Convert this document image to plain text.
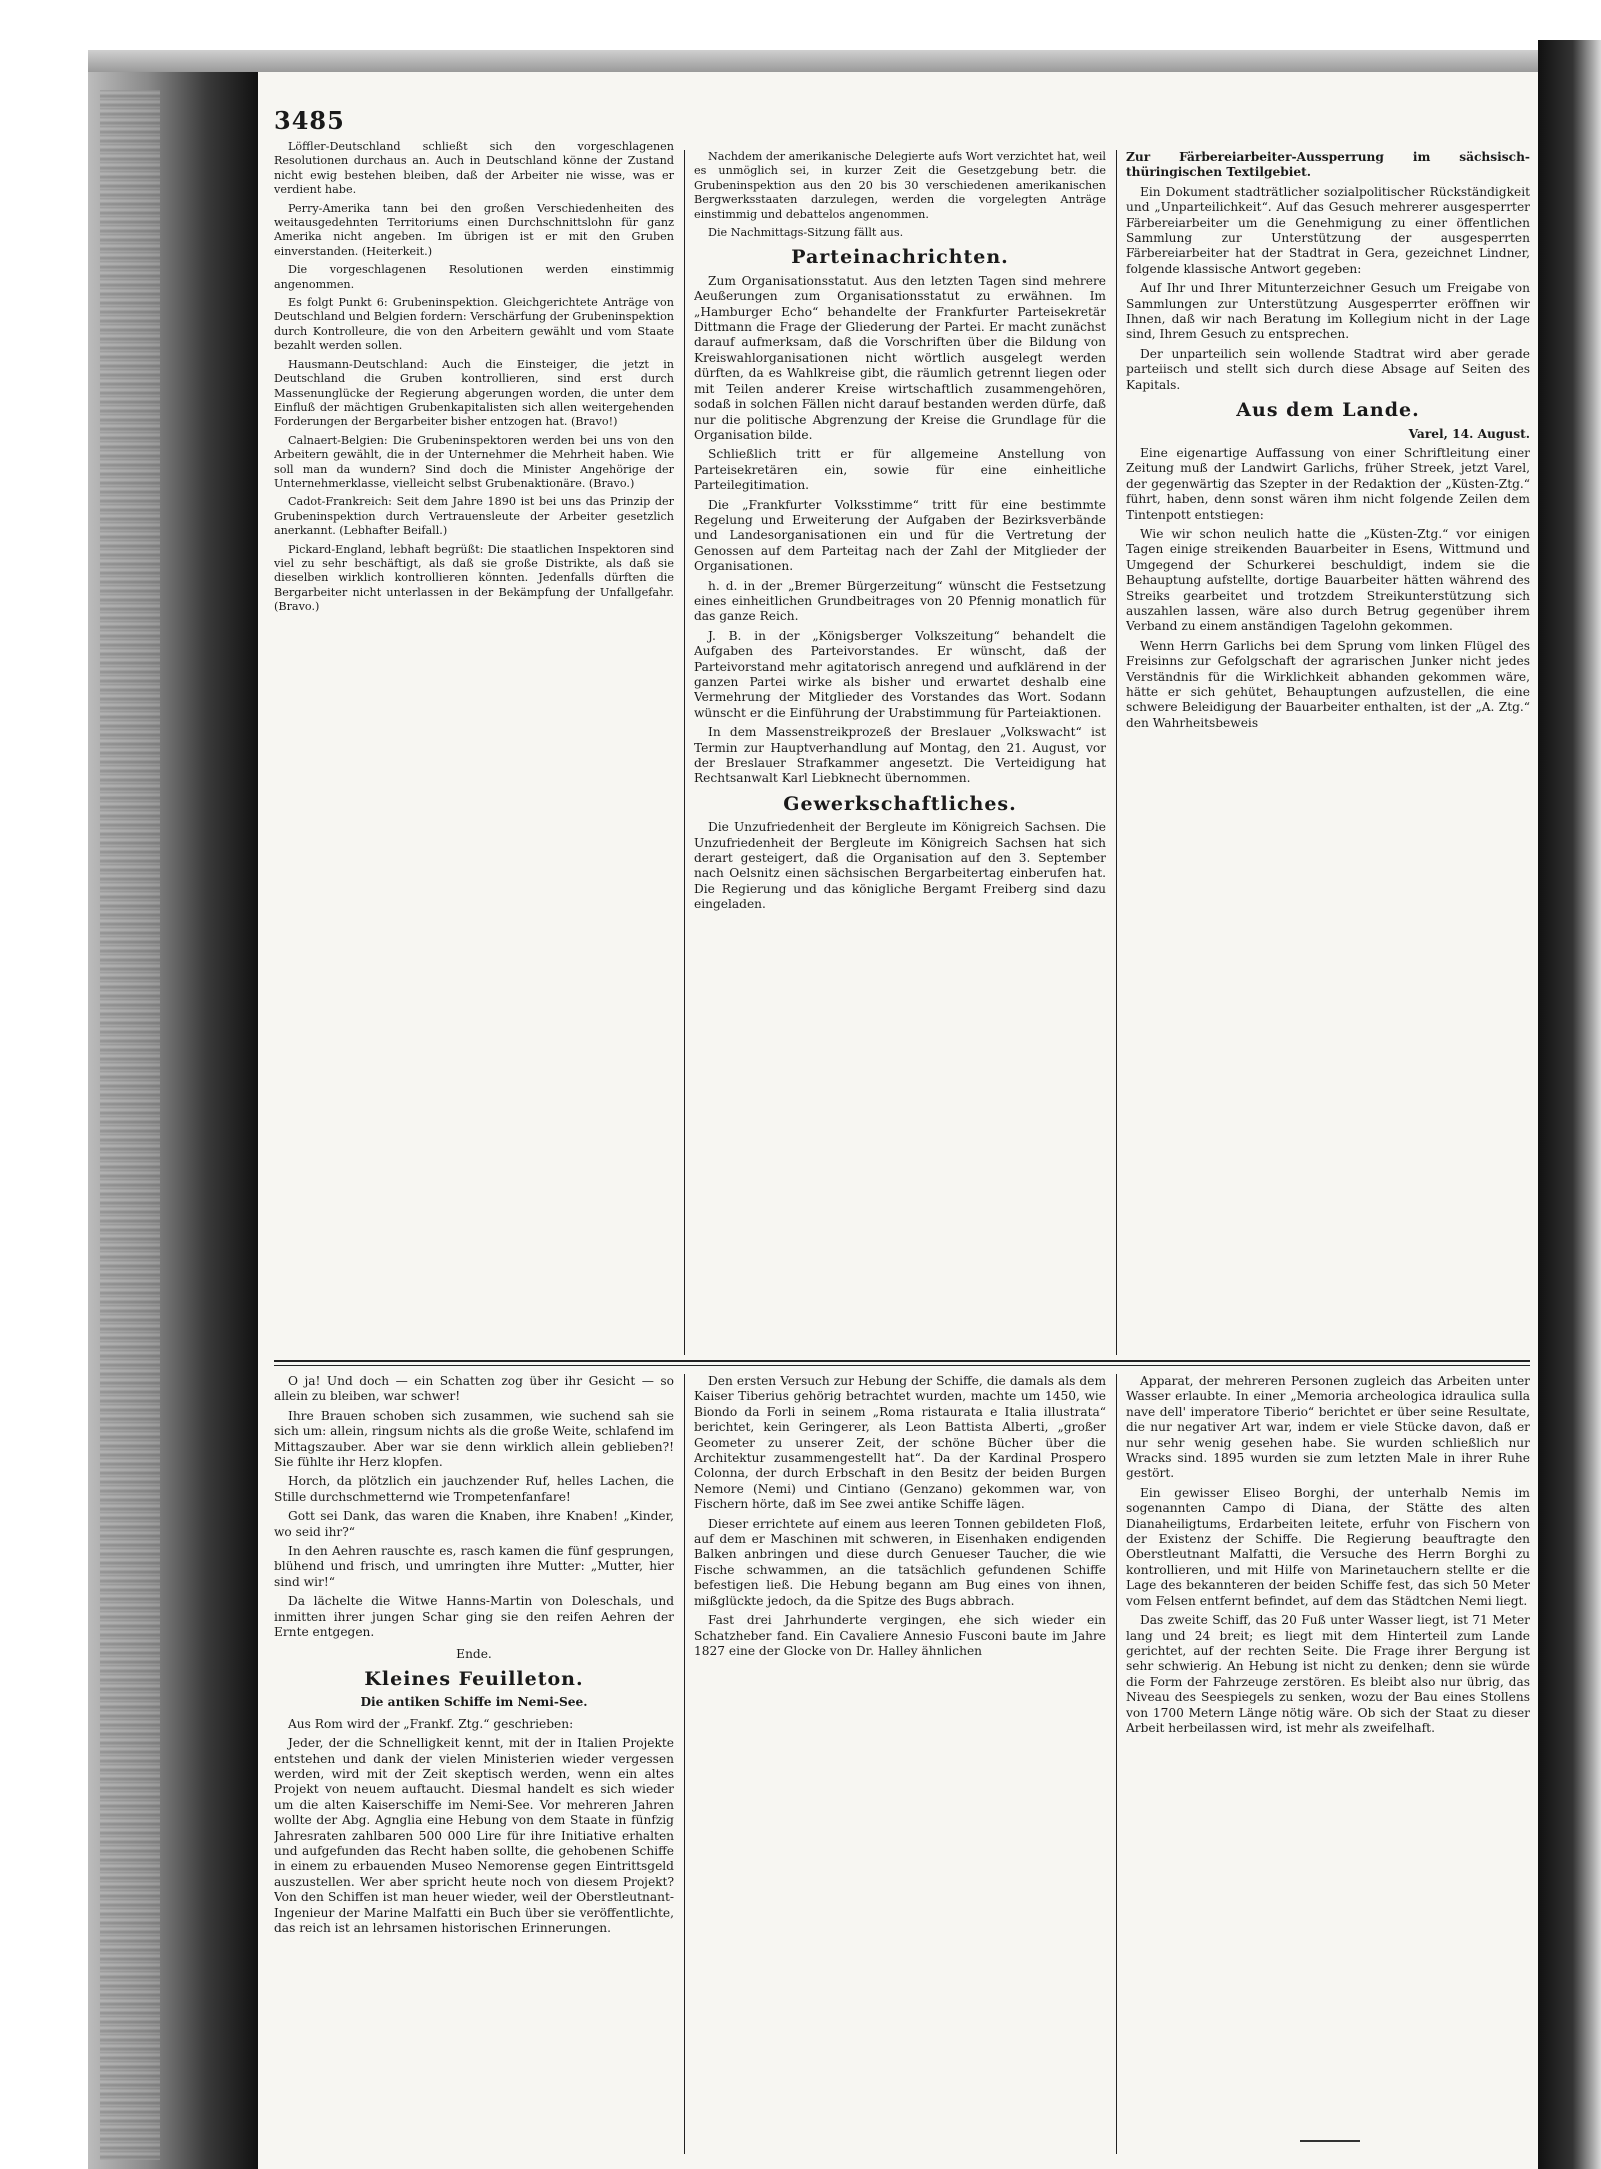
3485

Löffler-Deutschland schließt sich den vorgeschlagenen Resolutionen durchaus an. Auch in Deutschland könne der Zustand nicht ewig bestehen bleiben, daß der Arbeiter nie wisse, was er verdient habe.

Perry-Amerika tann bei den großen Verschiedenheiten des weitausgedehnten Territoriums einen Durchschnittslohn für ganz Amerika nicht angeben. Im übrigen ist er mit den Gruben einverstanden. (Heiterkeit.)

Die vorgeschlagenen Resolutionen werden einstimmig angenommen.

Es folgt Punkt 6: Grubeninspektion. Gleichgerichtete Anträge von Deutschland und Belgien fordern: Verschärfung der Grubeninspektion durch Kontrolleure, die von den Arbeitern gewählt und vom Staate bezahlt werden sollen.

Hausmann-Deutschland: Auch die Einsteiger, die jetzt in Deutschland die Gruben kontrollieren, sind erst durch Massenunglücke der Regierung abgerungen worden, die unter dem Einfluß der mächtigen Grubenkapitalisten sich allen weitergehenden Forderungen der Bergarbeiter bisher entzogen hat. (Bravo!)

Calnaert-Belgien: Die Grubeninspektoren werden bei uns von den Arbeitern gewählt, die in der Unternehmer die Mehrheit haben. Wie soll man da wundern? Sind doch die Minister Angehörige der Unternehmerklasse, vielleicht selbst Grubenaktionäre. (Bravo.)

Cadot-Frankreich: Seit dem Jahre 1890 ist bei uns das Prinzip der Grubeninspektion durch Vertrauensleute der Arbeiter gesetzlich anerkannt. (Lebhafter Beifall.)

Pickard-England, lebhaft begrüßt: Die staatlichen Inspektoren sind viel zu sehr beschäftigt, als daß sie große Distrikte, als daß sie dieselben wirklich kontrollieren könnten. Jedenfalls dürften die Bergarbeiter nicht unterlassen in der Bekämpfung der Unfallgefahr. (Bravo.)

Nachdem der amerikanische Delegierte aufs Wort verzichtet hat, weil es unmöglich sei, in kurzer Zeit die Gesetzgebung betr. die Grubeninspektion aus den 20 bis 30 verschiedenen amerikanischen Bergwerksstaaten darzulegen, werden die vorgelegten Anträge einstimmig und debattelos angenommen.

Die Nachmittags-Sitzung fällt aus.

Parteinachrichten.

Zum Organisationsstatut. Aus den letzten Tagen sind mehrere Aeußerungen zum Organisationsstatut zu erwähnen. Im „Hamburger Echo“ behandelte der Frankfurter Parteisekretär Dittmann die Frage der Gliederung der Partei. Er macht zunächst darauf aufmerksam, daß die Vorschriften über die Bildung von Kreiswahlorganisationen nicht wörtlich ausgelegt werden dürften, da es Wahlkreise gibt, die räumlich getrennt liegen oder mit Teilen anderer Kreise wirtschaftlich zusammengehören, sodaß in solchen Fällen nicht darauf bestanden werden dürfe, daß nur die politische Abgrenzung der Kreise die Grundlage für die Organisation bilde.

Schließlich tritt er für allgemeine Anstellung von Parteisekretären ein, sowie für eine einheitliche Parteilegitimation.

Die „Frankfurter Volksstimme“ tritt für eine bestimmte Regelung und Erweiterung der Aufgaben der Bezirksverbände und Landesorganisationen ein und für die Vertretung der Genossen auf dem Parteitag nach der Zahl der Mitglieder der Organisationen.

h. d. in der „Bremer Bürgerzeitung“ wünscht die Festsetzung eines einheitlichen Grundbeitrages von 20 Pfennig monatlich für das ganze Reich.

J. B. in der „Königsberger Volkszeitung“ behandelt die Aufgaben des Parteivorstandes. Er wünscht, daß der Parteivorstand mehr agitatorisch anregend und aufklärend in der ganzen Partei wirke als bisher und erwartet deshalb eine Vermehrung der Mitglieder des Vorstandes das Wort. Sodann wünscht er die Einführung der Urabstimmung für Parteiaktionen.

In dem Massenstreikprozeß der Breslauer „Volkswacht“ ist Termin zur Hauptverhandlung auf Montag, den 21. August, vor der Breslauer Strafkammer angesetzt. Die Verteidigung hat Rechtsanwalt Karl Liebknecht übernommen.

Gewerkschaftliches.

Die Unzufriedenheit der Bergleute im Königreich Sachsen. Die Unzufriedenheit der Bergleute im Königreich Sachsen hat sich derart gesteigert, daß die Organisation auf den 3. September nach Oelsnitz einen sächsischen Bergarbeitertag einberufen hat. Die Regierung und das königliche Bergamt Freiberg sind dazu eingeladen.

Zur Färbereiarbeiter-Aussperrung im sächsisch-thüringischen Textilgebiet.

Ein Dokument stadträtlicher sozialpolitischer Rückständigkeit und „Unparteilichkeit“. Auf das Gesuch mehrerer ausgesperrter Färbereiarbeiter um die Genehmigung zu einer öffentlichen Sammlung zur Unterstützung der ausgesperrten Färbereiarbeiter hat der Stadtrat in Gera, gezeichnet Lindner, folgende klassische Antwort gegeben:

Auf Ihr und Ihrer Mitunterzeichner Gesuch um Freigabe von Sammlungen zur Unterstützung Ausgesperrter eröffnen wir Ihnen, daß wir nach Beratung im Kollegium nicht in der Lage sind, Ihrem Gesuch zu entsprechen.

Der unparteilich sein wollende Stadtrat wird aber gerade parteiisch und stellt sich durch diese Absage auf Seiten des Kapitals.

Aus dem Lande.
Varel, 14. August.

Eine eigenartige Auffassung von einer Schriftleitung einer Zeitung muß der Landwirt Garlichs, früher Streek, jetzt Varel, der gegenwärtig das Szepter in der Redaktion der „Küsten-Ztg.“ führt, haben, denn sonst wären ihm nicht folgende Zeilen dem Tintenpott entstiegen:

Wie wir schon neulich hatte die „Küsten-Ztg.“ vor einigen Tagen einige streikenden Bauarbeiter in Esens, Wittmund und Umgegend der Schurkerei beschuldigt, indem sie die Behauptung aufstellte, dortige Bauarbeiter hätten während des Streiks gearbeitet und trotzdem Streikunterstützung sich auszahlen lassen, wäre also durch Betrug gegenüber ihrem Verband zu einem anständigen Tagelohn gekommen.

Wenn Herrn Garlichs bei dem Sprung vom linken Flügel des Freisinns zur Gefolgschaft der agrarischen Junker nicht jedes Verständnis für die Wirklichkeit abhanden gekommen wäre, hätte er sich gehütet, Behauptungen aufzustellen, die eine schwere Beleidigung der Bauarbeiter enthalten, ist der „A. Ztg.“ den Wahrheitsbeweis

O ja! Und doch — ein Schatten zog über ihr Gesicht — so allein zu bleiben, war schwer!

Ihre Brauen schoben sich zusammen, wie suchend sah sie sich um: allein, ringsum nichts als die große Weite, schlafend im Mittagszauber. Aber war sie denn wirklich allein geblieben?! Sie fühlte ihr Herz klopfen.

Horch, da plötzlich ein jauchzender Ruf, helles Lachen, die Stille durchschmetternd wie Trompetenfanfare!

Gott sei Dank, das waren die Knaben, ihre Knaben! „Kinder, wo seid ihr?“

In den Aehren rauschte es, rasch kamen die fünf gesprungen, blühend und frisch, und umringten ihre Mutter: „Mutter, hier sind wir!“

Da lächelte die Witwe Hanns-Martin von Doleschals, und inmitten ihrer jungen Schar ging sie den reifen Aehren der Ernte entgegen.

Ende.
Kleines Feuilleton.
Die antiken Schiffe im Nemi-See.

Aus Rom wird der „Frankf. Ztg.“ geschrieben:

Jeder, der die Schnelligkeit kennt, mit der in Italien Projekte entstehen und dank der vielen Ministerien wieder vergessen werden, wird mit der Zeit skeptisch werden, wenn ein altes Projekt von neuem auftaucht. Diesmal handelt es sich wieder um die alten Kaiserschiffe im Nemi-See. Vor mehreren Jahren wollte der Abg. Agnglia eine Hebung von dem Staate in fünfzig Jahresraten zahlbaren 500 000 Lire für ihre Initiative erhalten und aufgefunden das Recht haben sollte, die gehobenen Schiffe in einem zu erbauenden Museo Nemorense gegen Eintrittsgeld auszustellen. Wer aber spricht heute noch von diesem Projekt? Von den Schiffen ist man heuer wieder, weil der Oberstleutnant-Ingenieur der Marine Malfatti ein Buch über sie veröffentlichte, das reich ist an lehrsamen historischen Erinnerungen.

Den ersten Versuch zur Hebung der Schiffe, die damals als dem Kaiser Tiberius gehörig betrachtet wurden, machte um 1450, wie Biondo da Forli in seinem „Roma ristaurata e Italia illustrata“ berichtet, kein Geringerer, als Leon Battista Alberti, „großer Geometer zu unserer Zeit, der schöne Bücher über die Architektur zusammengestellt hat“. Da der Kardinal Prospero Colonna, der durch Erbschaft in den Besitz der beiden Burgen Nemore (Nemi) und Cintiano (Genzano) gekommen war, von Fischern hörte, daß im See zwei antike Schiffe lägen.

Dieser errichtete auf einem aus leeren Tonnen gebildeten Floß, auf dem er Maschinen mit schweren, in Eisenhaken endigenden Balken anbringen und diese durch Genueser Taucher, die wie Fische schwammen, an die tatsächlich gefundenen Schiffe befestigen ließ. Die Hebung begann am Bug eines von ihnen, mißglückte jedoch, da die Spitze des Bugs abbrach.

Fast drei Jahrhunderte vergingen, ehe sich wieder ein Schatzheber fand. Ein Cavaliere Annesio Fusconi baute im Jahre 1827 eine der Glocke von Dr. Halley ähnlichen

Apparat, der mehreren Personen zugleich das Arbeiten unter Wasser erlaubte. In einer „Memoria archeologica idraulica sulla nave dell' imperatore Tiberio“ berichtet er über seine Resultate, die nur negativer Art war, indem er viele Stücke davon, daß er nur sehr wenig gesehen habe. Sie wurden schließlich nur Wracks sind. 1895 wurden sie zum letzten Male in ihrer Ruhe gestört.

Ein gewisser Eliseo Borghi, der unterhalb Nemis im sogenannten Campo di Diana, der Stätte des alten Dianaheiligtums, Erdarbeiten leitete, erfuhr von Fischern von der Existenz der Schiffe. Die Regierung beauftragte den Oberstleutnant Malfatti, die Versuche des Herrn Borghi zu kontrollieren, und mit Hilfe von Marinetauchern stellte er die Lage des bekannteren der beiden Schiffe fest, das sich 50 Meter vom Felsen entfernt befindet, auf dem das Städtchen Nemi liegt.

Das zweite Schiff, das 20 Fuß unter Wasser liegt, ist 71 Meter lang und 24 breit; es liegt mit dem Hinterteil zum Lande gerichtet, auf der rechten Seite. Die Frage ihrer Bergung ist sehr schwierig. An Hebung ist nicht zu denken; denn sie würde die Form der Fahrzeuge zerstören. Es bleibt also nur übrig, das Niveau des Seespiegels zu senken, wozu der Bau eines Stollens von 1700 Metern Länge nötig wäre. Ob sich der Staat zu dieser Arbeit herbeilassen wird, ist mehr als zweifelhaft.
